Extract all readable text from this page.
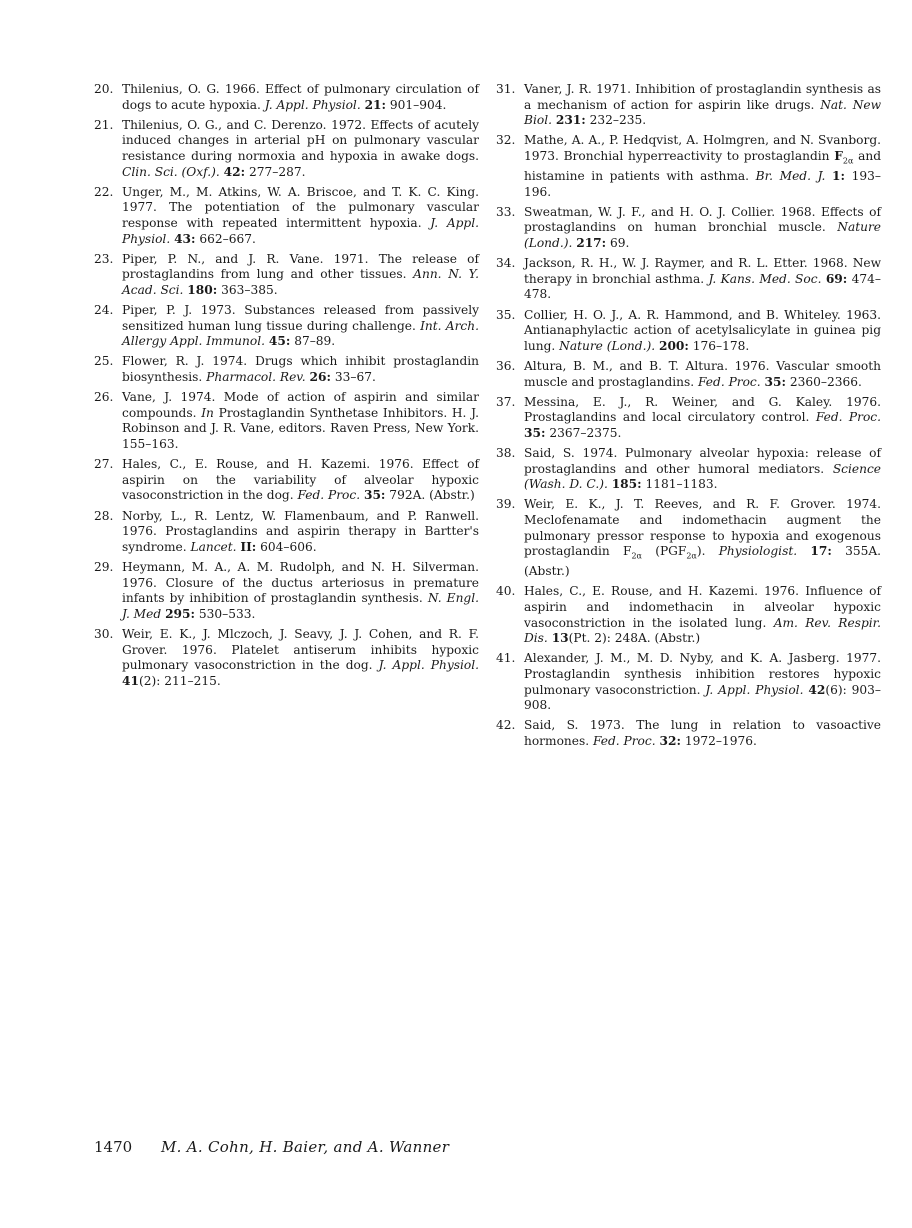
20. Thilenius, O. G. 1966. Effect of pulmonary circulation of dogs to acute hypoxia. J. Appl. Physiol. 21: 901–904.
21. Thilenius, O. G., and C. Derenzo. 1972. Effects of acutely induced changes in arterial pH on pulmonary vascular resistance during normoxia and hypoxia in awake dogs. Clin. Sci. (Oxf.). 42: 277–287.
22. Unger, M., M. Atkins, W. A. Briscoe, and T. K. C. King. 1977. The potentiation of the pulmonary vascular response with repeated intermittent hypoxia. J. Appl. Physiol. 43: 662–667.
23. Piper, P. N., and J. R. Vane. 1971. The release of prostaglandins from lung and other tissues. Ann. N. Y. Acad. Sci. 180: 363–385.
24. Piper, P. J. 1973. Substances released from passively sensitized human lung tissue during challenge. Int. Arch. Allergy Appl. Immunol. 45: 87–89.
25. Flower, R. J. 1974. Drugs which inhibit prostaglandin biosynthesis. Pharmacol. Rev. 26: 33–67.
26. Vane, J. 1974. Mode of action of aspirin and similar compounds. In Prostaglandin Synthetase Inhibitors. H. J. Robinson and J. R. Vane, editors. Raven Press, New York. 155–163.
27. Hales, C., E. Rouse, and H. Kazemi. 1976. Effect of aspirin on the variability of alveolar hypoxic vasoconstriction in the dog. Fed. Proc. 35: 792A. (Abstr.)
28. Norby, L., R. Lentz, W. Flamenbaum, and P. Ranwell. 1976. Prostaglandins and aspirin therapy in Bartter's syndrome. Lancet. II: 604–606.
29. Heymann, M. A., A. M. Rudolph, and N. H. Silverman. 1976. Closure of the ductus arteriosus in premature infants by inhibition of prostaglandin synthesis. N. Engl. J. Med 295: 530–533.
30. Weir, E. K., J. Mlczoch, J. Seavy, J. J. Cohen, and R. F. Grover. 1976. Platelet antiserum inhibits hypoxic pulmonary vasoconstriction in the dog. J. Appl. Physiol. 41(2): 211–215.
31. Vaner, J. R. 1971. Inhibition of prostaglandin synthesis as a mechanism of action for aspirin like drugs. Nat. New Biol. 231: 232–235.
32. Mathe, A. A., P. Hedqvist, A. Holmgren, and N. Svanborg. 1973. Bronchial hyperreactivity to prostaglandin $F_{2\alpha}$ and histamine in patients with asthma. Br. Med. J. 1: 193–196.
33. Sweatman, W. J. F., and H. O. J. Collier. 1968. Effects of prostaglandins on human bronchial muscle. Nature (Lond.). 217: 69.
34. Jackson, R. H., W. J. Raymer, and R. L. Etter. 1968. New therapy in bronchial asthma. J. Kans. Med. Soc. 69: 474–478.
35. Collier, H. O. J., A. R. Hammond, and B. Whiteley. 1963. Antianaphylactic action of acetylsalicylate in guinea pig lung. Nature (Lond.). 200: 176–178.
36. Altura, B. M., and B. T. Altura. 1976. Vascular smooth muscle and prostaglandins. Fed. Proc. 35: 2360–2366.
37. Messina, E. J., R. Weiner, and G. Kaley. 1976. Prostaglandins and local circulatory control. Fed. Proc. 35: 2367–2375.
38. Said, S. 1974. Pulmonary alveolar hypoxia: release of prostaglandins and other humoral mediators. Science (Wash. D. C.). 185: 1181–1183.
39. Weir, E. K., J. T. Reeves, and R. F. Grover. 1974. Meclofenamate and indomethacin augment the pulmonary pressor response to hypoxia and exogenous prostaglandin $F_{2\alpha}$ $(PGF_{2\alpha})$. Physiologist. 17: 355A. (Abstr.)
40. Hales, C., E. Rouse, and H. Kazemi. 1976. Influence of aspirin and indomethacin in alveolar hypoxic vasoconstriction in the isolated lung. Am. Rev. Respir. Dis. 13(Pt. 2): 248A. (Abstr.)
41. Alexander, J. M., M. D. Nyby, and K. A. Jasberg. 1977. Prostaglandin synthesis inhibition restores hypoxic pulmonary vasoconstriction. J. Appl. Physiol. 42(6): 903–908.
42. Said, S. 1973. The lung in relation to vasoactive hormones. Fed. Proc. 32: 1972–1976.
1470 M. A. Cohn, H. Baier, and A. Wanner
